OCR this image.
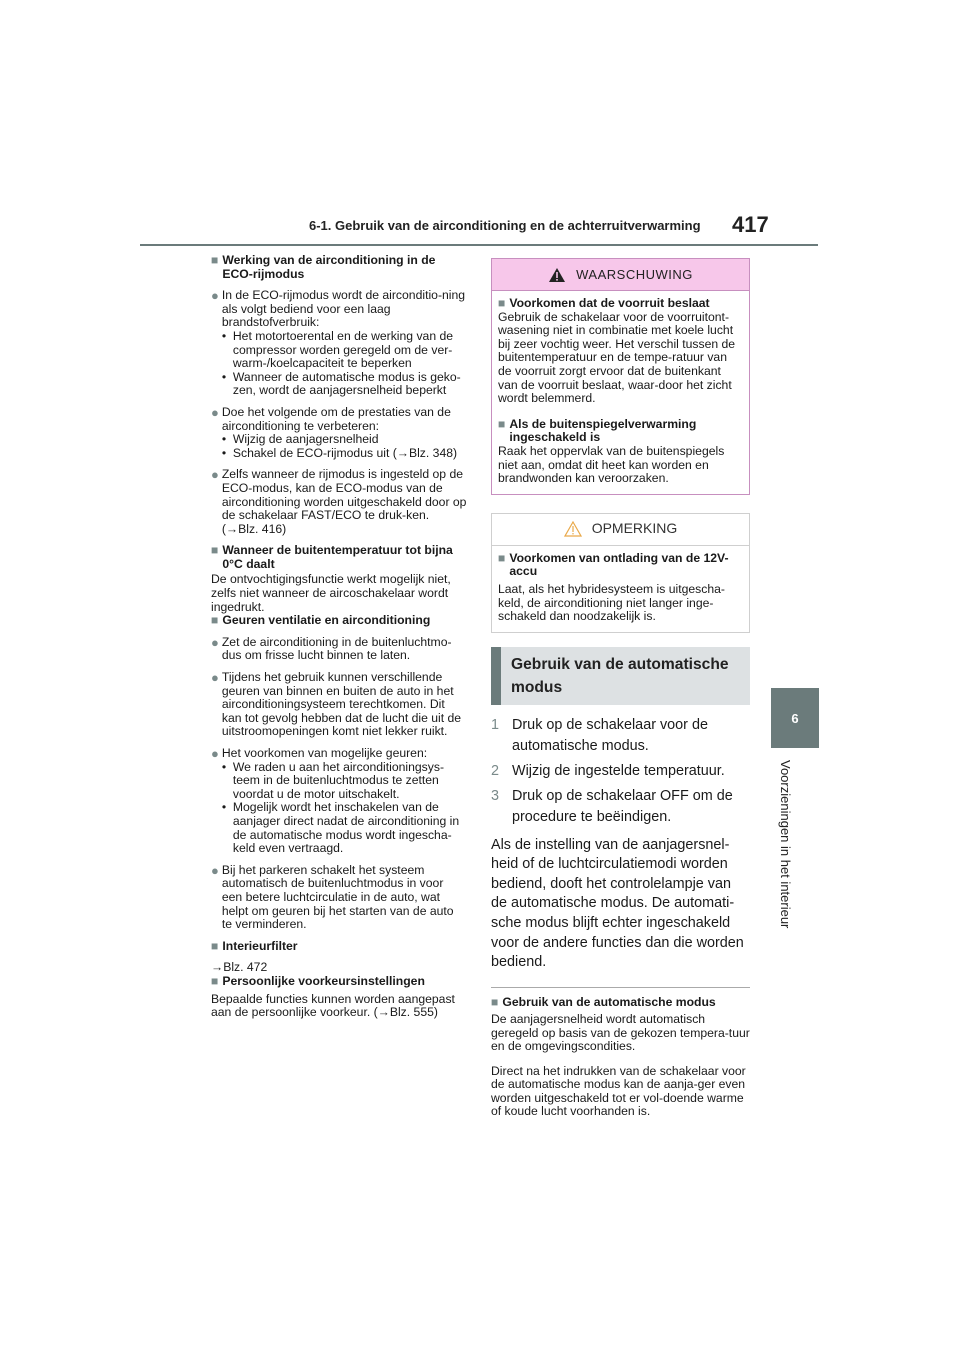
6-1. Gebruik van de airconditioning en de achterruitverwarming 417
6
Voorzieningen in het interieur
■ Werking van de airconditioning in de ECO-rijmodus
● In de ECO-rijmodus wordt de airconditio-ning als volgt bediend voor een laag brandstofverbruik:

• Het motortoerental en de werking van de compressor worden geregeld om de ver-warm-/koelcapaciteit te beperken
• Wanneer de automatische modus is geko-zen, wordt de aanjagersnelheid beperkt
● Doe het volgende om de prestaties van de airconditioning te verbeteren:

• Wijzig de aanjagersnelheid
• Schakel de ECO-rijmodus uit (→Blz. 348)
● Zelfs wanneer de rijmodus is ingesteld op de ECO-modus, kan de ECO-modus van de airconditioning worden uitgeschakeld door op de schakelaar FAST/ECO te druk-ken. (→Blz. 416)

■ Wanneer de buitentemperatuur tot bijna 0°C daalt

De ontvochtigingsfunctie werkt mogelijk niet, zelfs niet wanneer de aircoschakelaar wordt ingedrukt.

■ Geuren ventilatie en airconditioning
● Zet de airconditioning in de buitenluchtmo-dus om frisse lucht binnen te laten.

● Tijdens het gebruik kunnen verschillende geuren van binnen en buiten de auto in het airconditioningsysteem terechtkomen. Dit kan tot gevolg hebben dat de lucht die uit de uitstroomopeningen komt niet lekker ruikt.

● Het voorkomen van mogelijke geuren:

• We raden u aan het airconditioningsys-teem in de buitenluchtmodus te zetten voordat u de motor uitschakelt.
• Mogelijk wordt het inschakelen van de aanjager direct nadat de airconditioning in de automatische modus wordt ingescha-keld even vertraagd.
● Bij het parkeren schakelt het systeem automatisch de buitenluchtmodus in voor een betere luchtcirculatie in de auto, wat helpt om geuren bij het starten van de auto te verminderen.

■ Interieurfilter

→Blz. 472

■ Persoonlijke voorkeursinstellingen

Bepaalde functies kunnen worden aangepast aan de persoonlijke voorkeur. (→Blz. 555)

WAARSCHUWING
■ Voorkomen dat de voorruit beslaat

Gebruik de schakelaar voor de voorruitont-wasening niet in combinatie met koele lucht bij zeer vochtig weer. Het verschil tussen de buitentemperatuur en de tempe-ratuur van de voorruit zorgt ervoor dat de buitenkant van de voorruit beslaat, waar-door het zicht wordt belemmerd.

■ Als de buitenspiegelverwarming ingeschakeld is

Raak het oppervlak van de buitenspiegels niet aan, omdat dit heet kan worden en brandwonden kan veroorzaken.

OPMERKING
■ Voorkomen van ontlading van de 12V-accu

Laat, als het hybridesysteem is uitgescha-keld, de airconditioning niet langer inge-schakeld dan noodzakelijk is.

Gebruik van de automatische modus
1 Druk op de schakelaar voor de automatische modus.
2 Wijzig de ingestelde temperatuur.
3 Druk op de schakelaar OFF om de procedure te beëindigen.

Als de instelling van de aanjagersnel-heid of de luchtcirculatiemodi worden bediend, dooft het controlelampje van de automatische modus. De automati-sche modus blijft echter ingeschakeld voor de andere functies dan die worden bediend.

■ Gebruik van de automatische modus

De aanjagersnelheid wordt automatisch geregeld op basis van de gekozen tempera-tuur en de omgevingscondities.

Direct na het indrukken van de schakelaar voor de automatische modus kan de aanja-ger even worden uitgeschakeld tot er vol-doende warme of koude lucht voorhanden is.
